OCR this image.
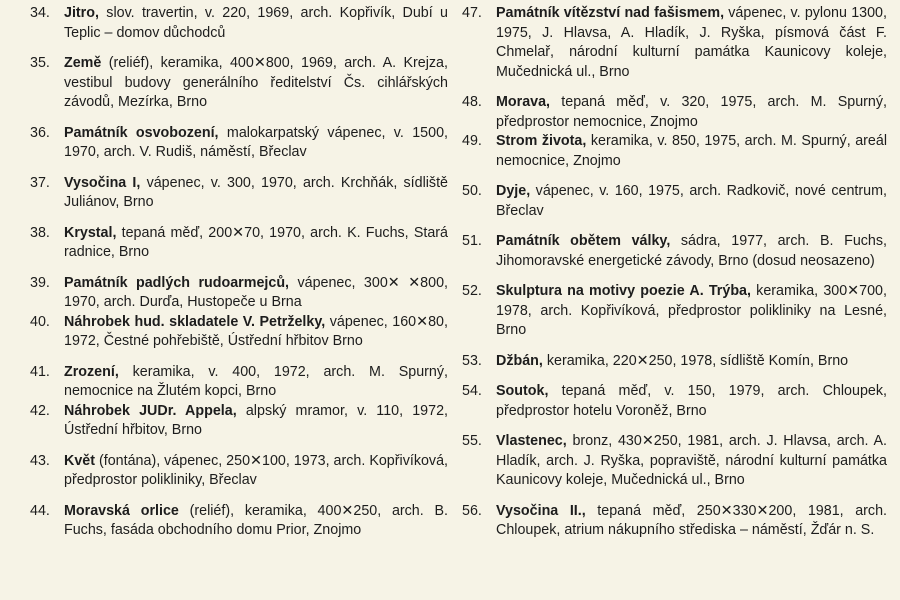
34. Jitro, slov. travertin, v. 220, 1969, arch. Kopřivík, Dubí u Teplic – domov důchodců
35. Země (reliéf), keramika, 400✕800, 1969, arch. A. Krejza, vestibul budovy generálního ředitelství Čs. cihlářských závodů, Mezírka, Brno
36. Památník osvobození, malokarpatský vápenec, v. 1500, 1970, arch. V. Rudiš, náměstí, Břeclav
37. Vysočina I, vápenec, v. 300, 1970, arch. Krchňák, sídliště Juliánov, Brno
38. Krystal, tepaná měď, 200✕70, 1970, arch. K. Fuchs, Stará radnice, Brno
39. Památník padlých rudoarmejců, vápenec, 300✕ ✕800, 1970, arch. Durďa, Hustopeče u Brna
40. Náhrobek hud. skladatele V. Petrželky, vápenec, 160✕80, 1972, Čestné pohřebiště, Ústřední hřbitov Brno
41. Zrození, keramika, v. 400, 1972, arch. M. Spurný, nemocnice na Žlutém kopci, Brno
42. Náhrobek JUDr. Appela, alpský mramor, v. 110, 1972, Ústřední hřbitov, Brno
43. Květ (fontána), vápenec, 250✕100, 1973, arch. Kopřivíková, předprostor polikliniky, Břeclav
44. Moravská orlice (reliéf), keramika, 400✕250, arch. B. Fuchs, fasáda obchodního domu Prior, Znojmo
47. Památník vítězství nad fašismem, vápenec, v. pylonu 1300, 1975, J. Hlavsa, A. Hladík, J. Ryška, písmová část F. Chmelař, národní kulturní památka Kaunicovy koleje, Mučednická ul., Brno
48. Morava, tepaná měď, v. 320, 1975, arch. M. Spurný, předprostor nemocnice, Znojmo
49. Strom života, keramika, v. 850, 1975, arch. M. Spurný, areál nemocnice, Znojmo
50. Dyje, vápenec, v. 160, 1975, arch. Radkovič, nové centrum, Břeclav
51. Památník obětem války, sádra, 1977, arch. B. Fuchs, Jihomoravské energetické závody, Brno (dosud neosazeno)
52. Skulptura na motivy poezie A. Trýba, keramika, 300✕700, 1978, arch. Kopřivíková, předprostor polikliniky na Lesné, Brno
53. Džbán, keramika, 220✕250, 1978, sídliště Komín, Brno
54. Soutok, tepaná měď, v. 150, 1979, arch. Chloupek, předprostor hotelu Voroněž, Brno
55. Vlastenec, bronz, 430✕250, 1981, arch. J. Hlavsa, arch. A. Hladík, arch. J. Ryška, popraviště, národní kulturní památka Kaunicovy koleje, Mučednická ul., Brno
56. Vysočina II., tepaná měď, 250✕330✕200, 1981, arch. Chloupek, atrium nákupního střediska – náměstí, Žďár n. S.
